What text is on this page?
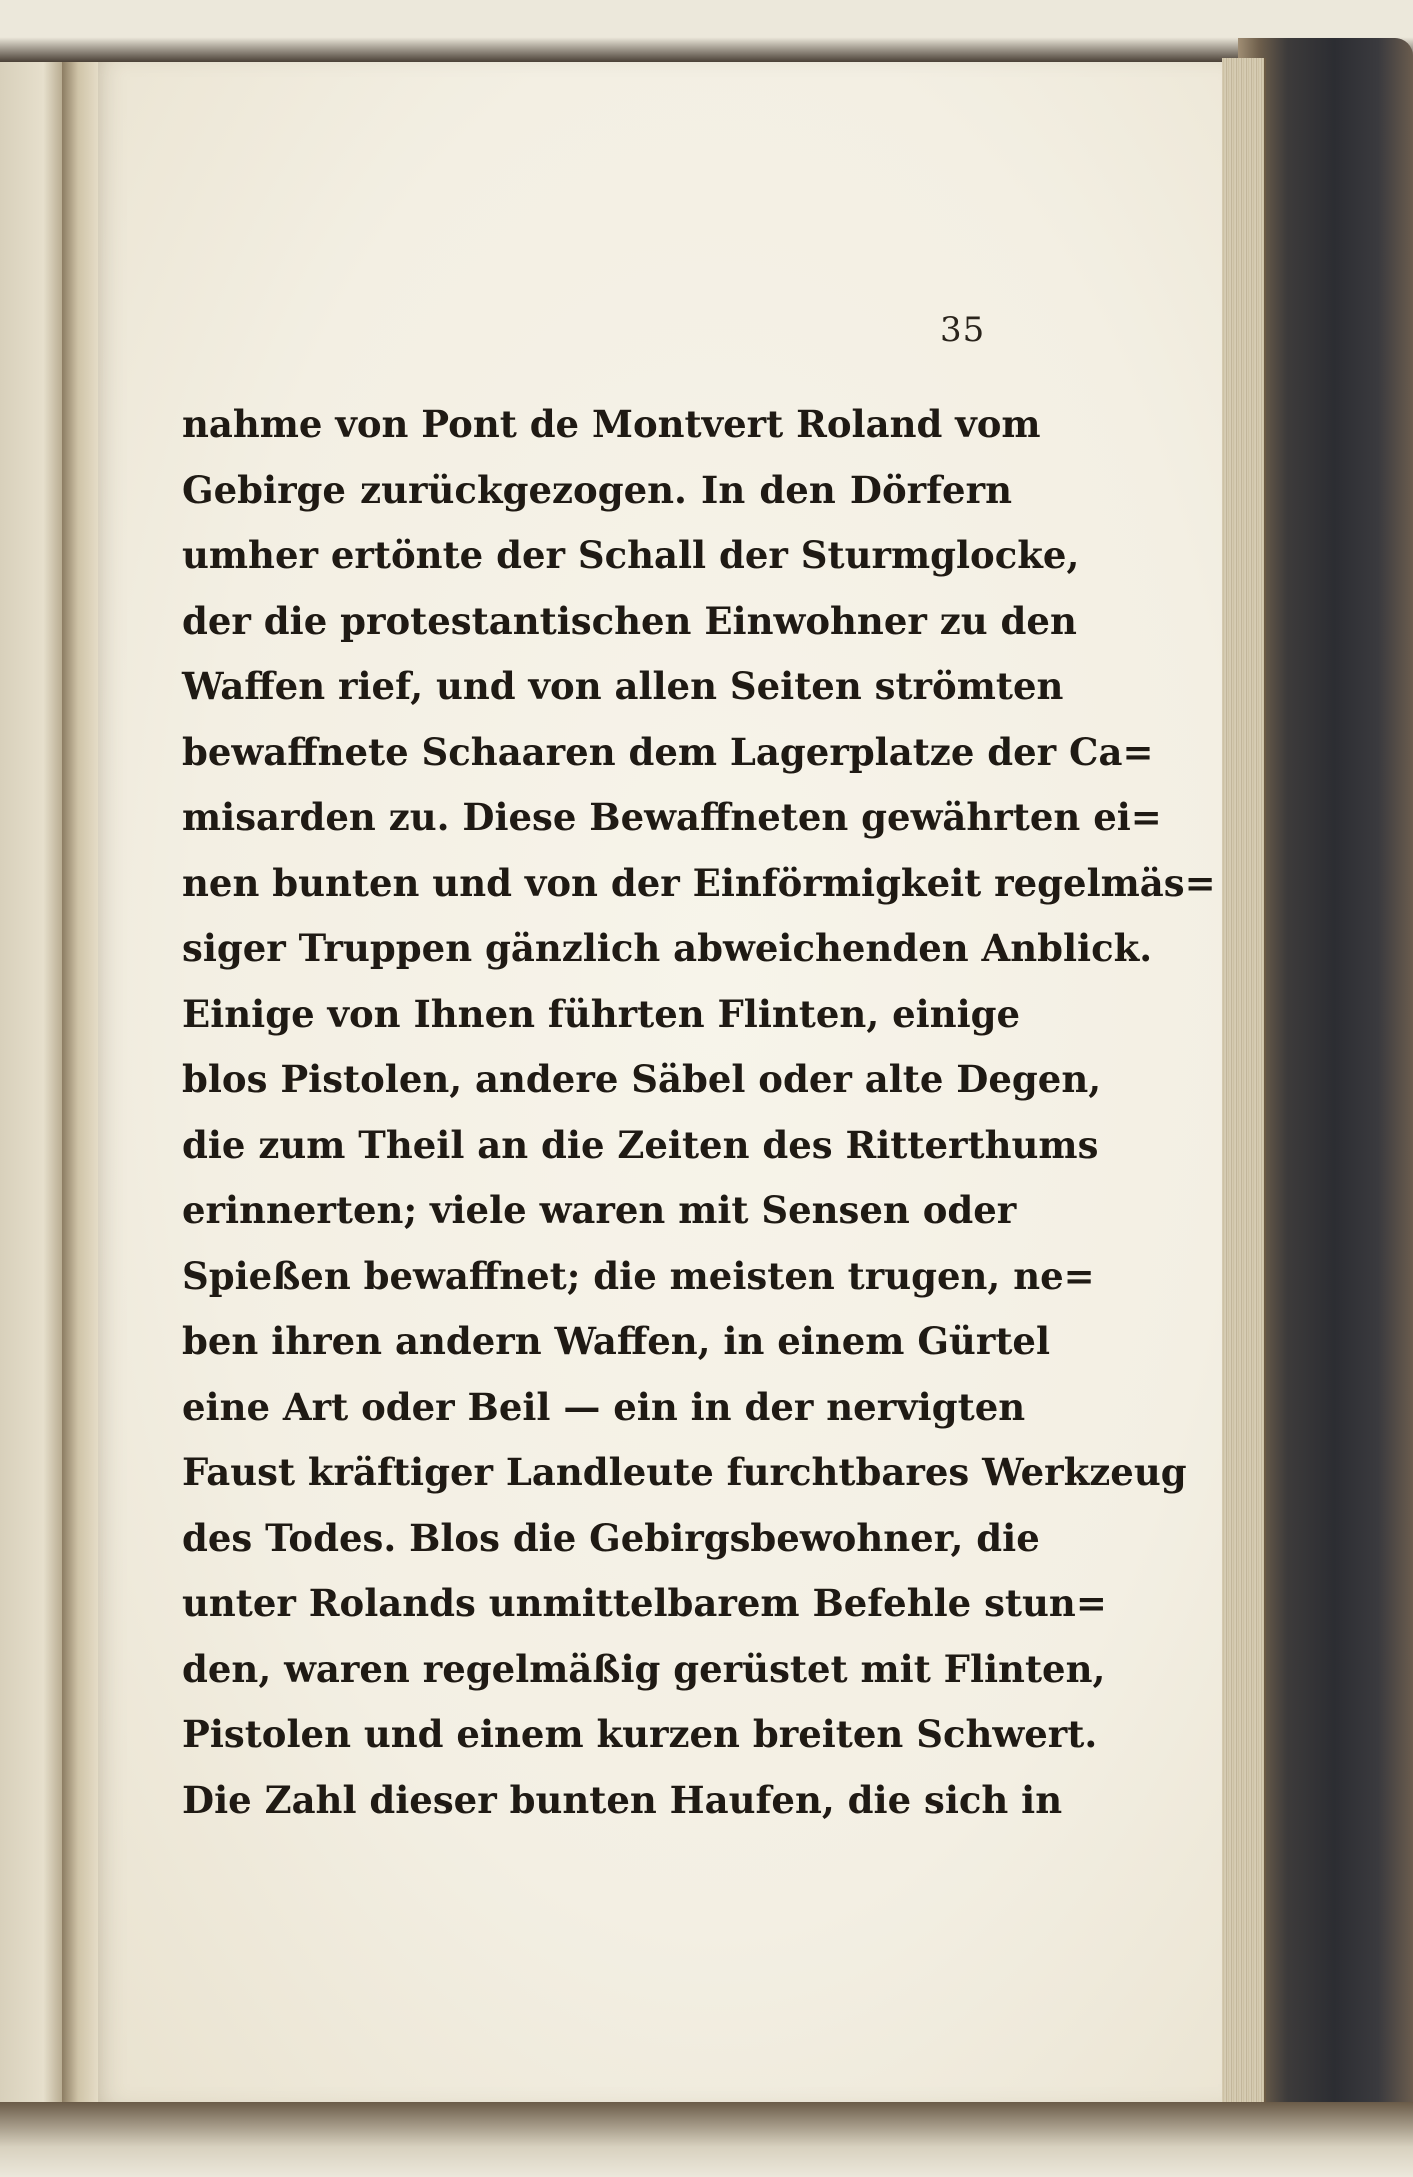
35
nahme von Pont de Montvert Roland vom
Gebirge zurückgezogen. In den Dörfern
umher ertönte der Schall der Sturmglocke,
der die protestantischen Einwohner zu den
Waffen rief, und von allen Seiten strömten
bewaffnete Schaaren dem Lagerplatze der Ca=
misarden zu. Diese Bewaffneten gewährten ei=
nen bunten und von der Einförmigkeit regelmäs=
siger Truppen gänzlich abweichenden Anblick.
Einige von Ihnen führten Flinten, einige
blos Pistolen, andere Säbel oder alte Degen,
die zum Theil an die Zeiten des Ritterthums
erinnerten; viele waren mit Sensen oder
Spießen bewaffnet; die meisten trugen, ne=
ben ihren andern Waffen, in einem Gürtel
eine Art oder Beil — ein in der nervigten
Faust kräftiger Landleute furchtbares Werkzeug
des Todes. Blos die Gebirgsbewohner, die
unter Rolands unmittelbarem Befehle stun=
den, waren regelmäßig gerüstet mit Flinten,
Pistolen und einem kurzen breiten Schwert.
Die Zahl dieser bunten Haufen, die sich in
